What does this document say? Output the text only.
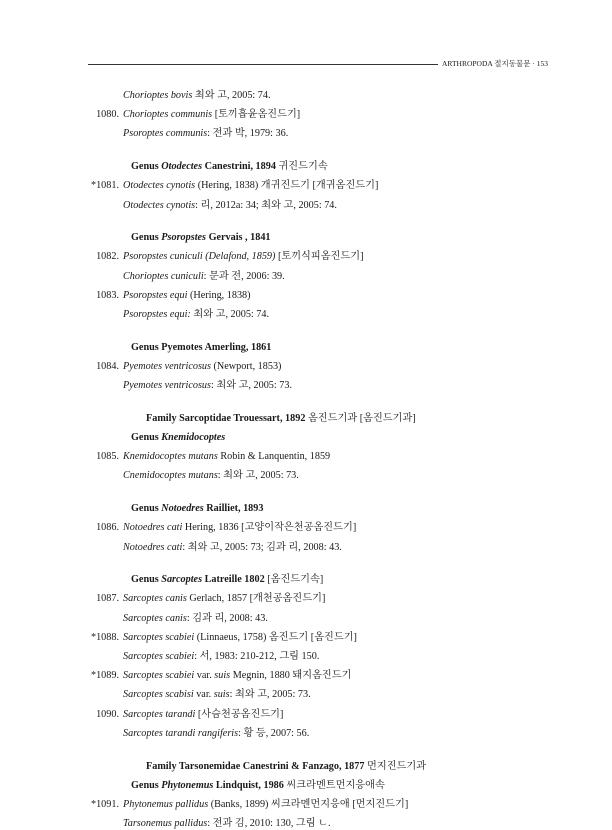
ARTHROPODA 절지동물문 · 153
Chorioptes bovis 최와 고, 2005: 74.
1080. Chorioptes communis [토끼흡윤옴진드기]
Psoroptes communis: 전과 박, 1979: 36.
Genus Otodectes Canestrini, 1894 귀진드기속
*1081. Otodectes cynotis (Hering, 1838) 개귀진드기 [개귀옴진드기]
Otodectes cynotis: 리, 2012a: 34; 최와 고, 2005: 74.
Genus Psoropstes Gervais , 1841
1082. Psoropstes cuniculi (Delafond, 1859) [토끼식피옴진드기]
Chorioptes cuniculi: 문과 전, 2006: 39.
1083. Psoropstes equi (Hering, 1838)
Psoropstes equi: 최와 고, 2005: 74.
Genus Pyemotes Amerling, 1861
1084. Pyemotes ventricosus (Newport, 1853)
Pyemotes ventricosus: 최와 고, 2005: 73.
Family Sarcoptidae Trouessart, 1892 옴진드기과 [옴진드기과]
Genus Knemidocoptes
1085. Knemidocoptes mutans Robin & Lanquentin, 1859
Cnemidocoptes mutans: 최와 고, 2005: 73.
Genus Notoedres Railliet, 1893
1086. Notoedres cati Hering, 1836 [고양이작은천공옴진드기]
Notoedres cati: 최와 고, 2005: 73; 김과 리, 2008: 43.
Genus Sarcoptes Latreille 1802 [옴진드기속]
1087. Sarcoptes canis Gerlach, 1857 [개천공옴진드기]
Sarcoptes canis: 김과 리, 2008: 43.
*1088. Sarcoptes scabiei (Linnaeus, 1758) 옴진드기 [옴진드기]
Sarcoptes scabiei: 서, 1983: 210-212, 그림 150.
*1089. Sarcoptes scabiei var. suis Megnin, 1880 돼지옴진드기
Sarcoptes scabisi var. suis: 최와 고, 2005: 73.
1090. Sarcoptes tarandi [사슴천공옴진드기]
Sarcoptes tarandi rangiferis: 황 등, 2007: 56.
Family Tarsonemidae Canestrini & Fanzago, 1877 먼지진드기과
Genus Phytonemus Lindquist, 1986 씨크라멘트먼지응애속
*1091. Phytonemus pallidus (Banks, 1899) 씨크라멘먼지응애 [먼지진드기]
Tarsonemus pallidus: 전과 김, 2010: 130, 그림 ㄴ.
